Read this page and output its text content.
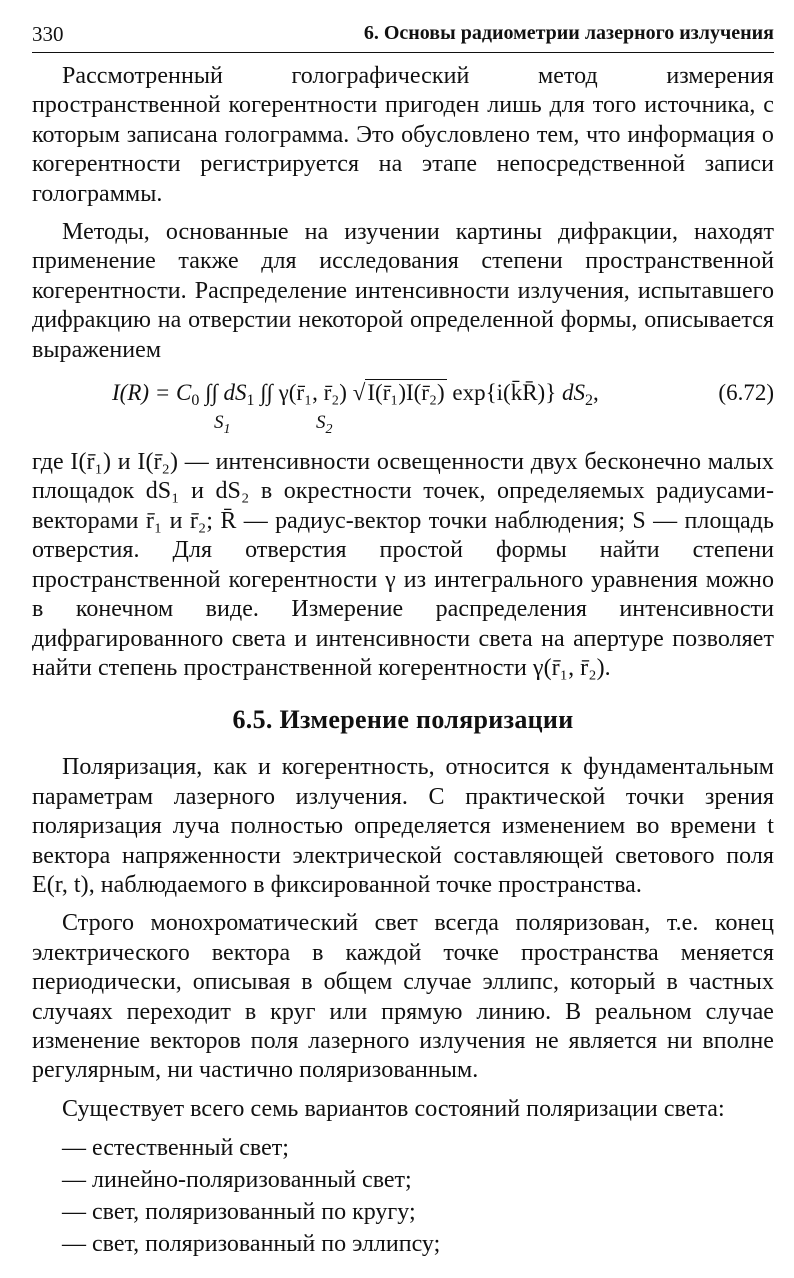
330	6. Основы радиометрии лазерного излучения

Рассмотренный голографический метод измерения пространственной когерентности пригоден лишь для того источника, с которым записана голограмма. Это обусловлено тем, что информация о когерентности регистрируется на этапе непосредственной записи голограммы.

Методы, основанные на изучении картины дифракции, находят применение также для исследования степени пространственной когерентности. Распределение интенсивности излучения, испытавшего дифракцию на отверстии некоторой определенной формы, описывается выражением

$I(R) = C_0$ ∫∫ $dS_1$ ∫∫ γ(r̄₁, r̄₂) √I(r̄₁)I(r̄₂) exp{i(k̄R̄)} $dS_2$,
$S_1$	$S_2$
(6.72)

где I(r̄₁) и I(r̄₂) — интенсивности освещенности двух бесконечно малых площадок dS₁ и dS₂ в окрестности точек, определяемых радиусами-векторами r̄₁ и r̄₂; R̄ — радиус-вектор точки наблюдения; S — площадь отверстия. Для отверстия простой формы найти степени пространственной когерентности γ из интегрального уравнения можно в конечном виде. Измерение распределения интенсивности дифрагированного света и интенсивности света на апертуре позволяет найти степень пространственной когерентности γ(r̄₁, r̄₂).

6.5. Измерение поляризации

Поляризация, как и когерентность, относится к фундаментальным параметрам лазерного излучения. С практической точки зрения поляризация луча полностью определяется изменением во времени t вектора напряженности электрической составляющей светового поля E(r, t), наблюдаемого в фиксированной точке пространства.

Строго монохроматический свет всегда поляризован, т.е. конец электрического вектора в каждой точке пространства меняется периодически, описывая в общем случае эллипс, который в частных случаях переходит в круг или прямую линию. В реальном случае изменение векторов поля лазерного излучения не является ни вполне регулярным, ни частично поляризованным.

Существует всего семь вариантов состояний поляризации света:

— естественный свет;
— линейно-поляризованный свет;
— свет, поляризованный по кругу;
— свет, поляризованный по эллипсу;
